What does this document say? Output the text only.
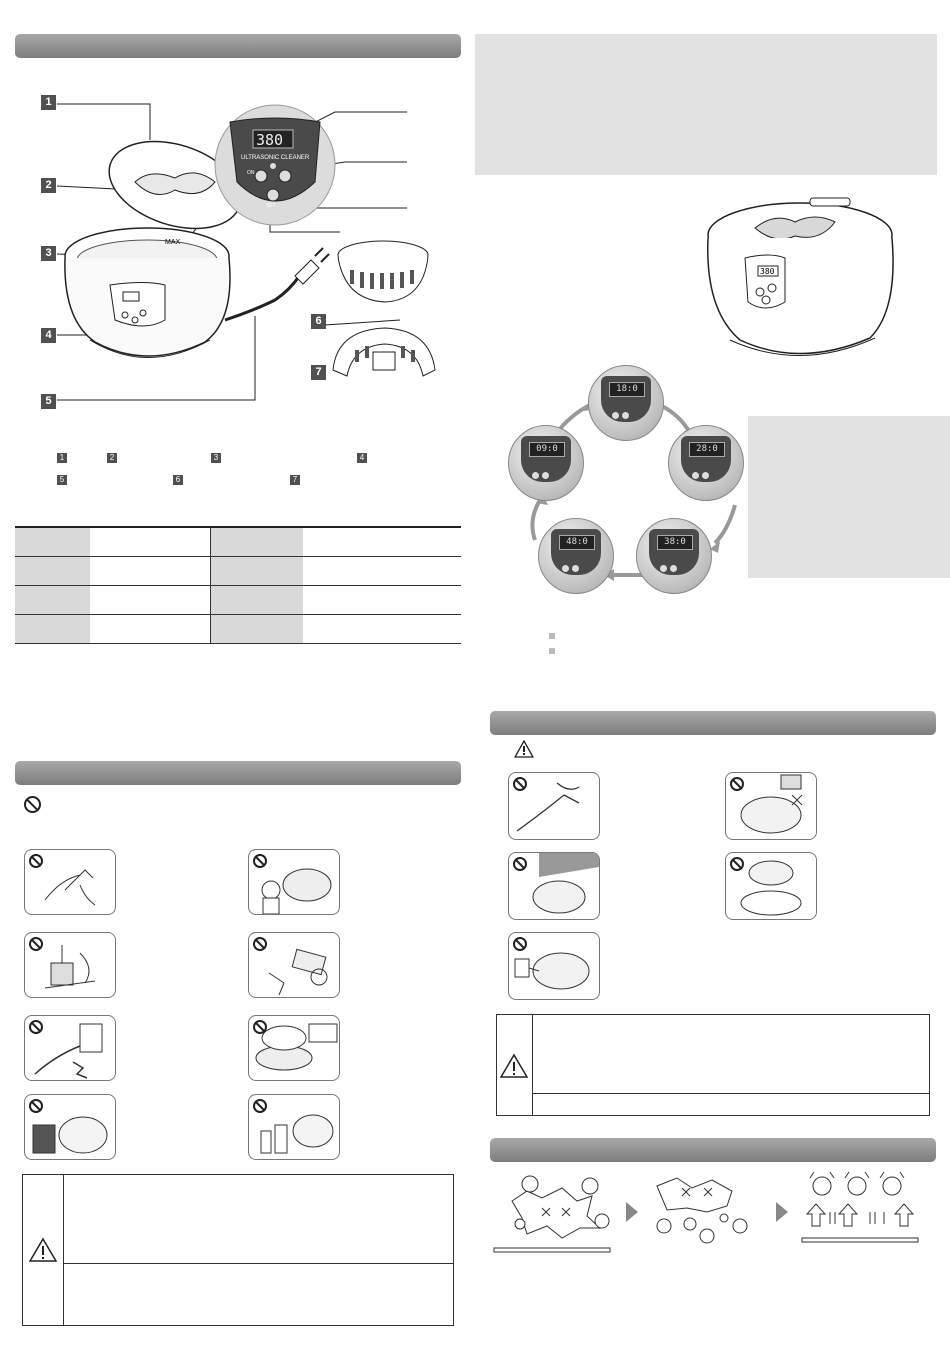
MAX
380
ULTRASONIC CLEANER
ON
SET
1
2
3
4
5
6
7
1	2	3	4
5	6	7

380
18:0
28:0
38:0
48:0
09:0
